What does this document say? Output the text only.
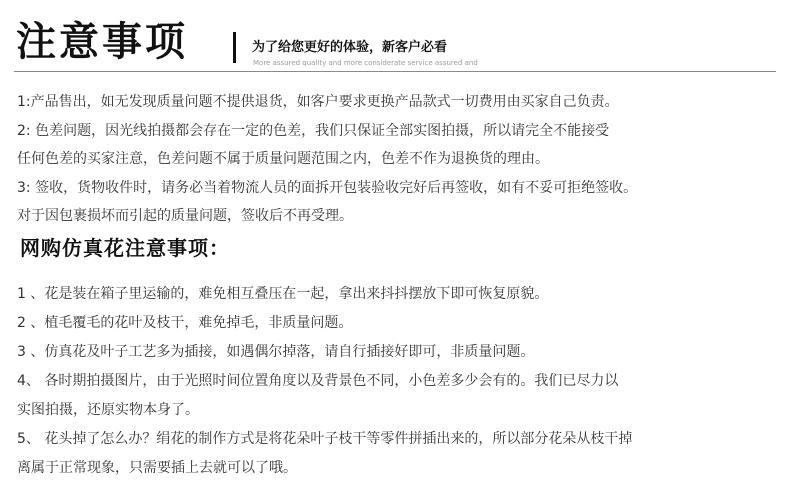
注意事项	为了给您更好的体验，新客户必看
More assured quality and more considerate service assured and
1:产品售出，如无发现质量问题不提供退货，如客户要求更换产品款式一切费用由买家自己负责。
2: 色差问题，因光线拍摄都会存在一定的色差，我们只保证全部实图拍摄，所以请完全不能接受
任何色差的买家注意，色差问题不属于质量问题范围之内，色差不作为退换货的理由。
3: 签收，货物收件时，请务必当着物流人员的面拆开包装验收完好后再签收，如有不妥可拒绝签收。
对于因包裹损坏而引起的质量问题，签收后不再受理。
网购仿真花注意事项：
1 、花是装在箱子里运输的，难免相互叠压在一起，拿出来抖抖摆放下即可恢复原貌。
2 、植毛覆毛的花叶及枝干，难免掉毛，非质量问题。
3 、仿真花及叶子工艺多为插接，如遇偶尔掉落，请自行插接好即可，非质量问题。
4、 各时期拍摄图片，由于光照时间位置角度以及背景色不同，小色差多少会有的。我们已尽力以
实图拍摄，还原实物本身了。
5、 花头掉了怎么办？绢花的制作方式是将花朵叶子枝干等零件拼插出来的，所以部分花朵从枝干掉
离属于正常现象，只需要插上去就可以了哦。
